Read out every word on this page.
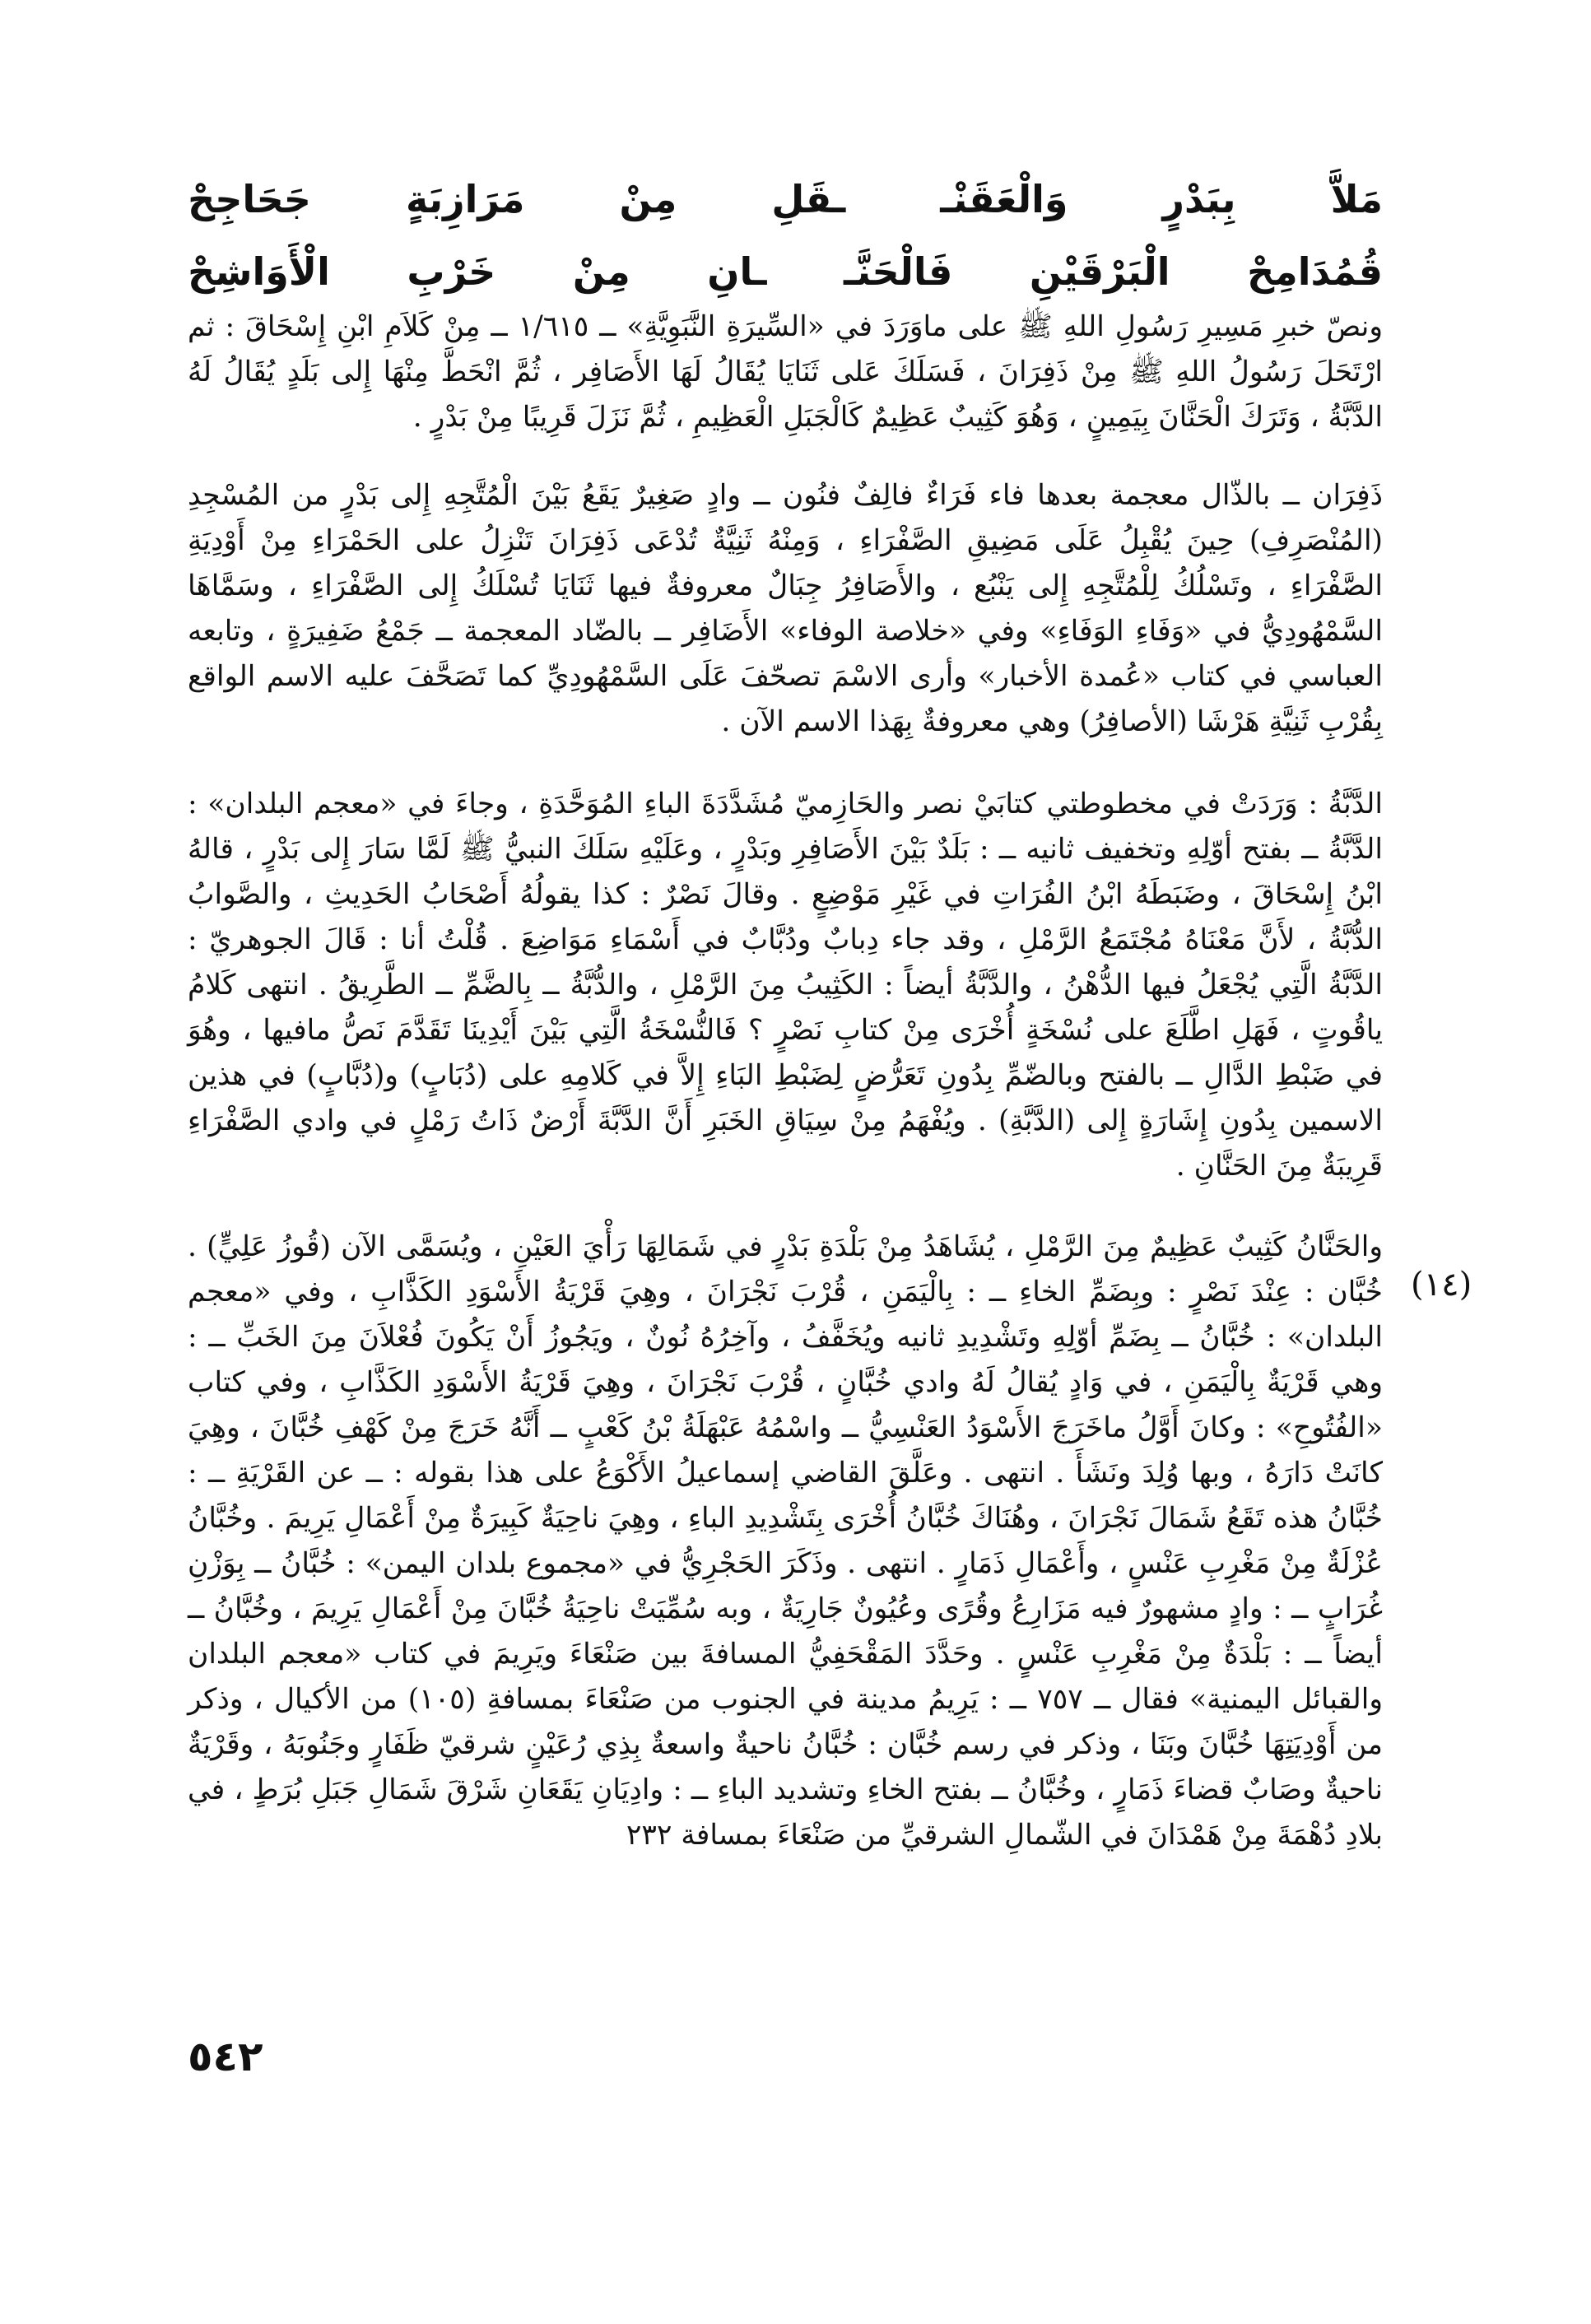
مَلاَّ
بِبَدْرٍ
وَالْعَقَنْـ
ـقَلِ
مِنْ
مَرَازِبَةٍ
جَحَاجِحْ
قُمُدَامِحْ
الْبَرْقَيْنِ
فَالْحَنَّـ
ـانِ
مِنْ
خَرْبِ
الْأَوَاشِحْ

ونصّ خبرِ مَسِيرِ رَسُولِ اللهِ ﷺ على ماوَرَدَ في «السِّيرَةِ النَّبَوِيَّةِ» ــ ١/٦١٥ ــ مِنْ كَلاَمِ ابْنِ إِسْحَاقَ : ثم ارْتَحَلَ رَسُولُ اللهِ ﷺ مِنْ ذَفِرَانَ ، فَسَلَكَ عَلى ثَنَايَا يُقَالُ لَهَا الأَصَافِر ، ثُمَّ انْحَطَّ مِنْهَا إِلى بَلَدٍ يُقَالُ لَهُ الدَّبَّةُ ، وَتَرَكَ الْحَنَّانَ بِيَمِينٍ ، وَهُوَ كَثِيبٌ عَظِيمٌ كَالْجَبَلِ الْعَظِيمِ ، ثُمَّ نَزَلَ قَرِيبًا مِنْ بَدْرٍ .

ذَفِرَان ــ بالذّال معجمة بعدها فاء فَرَاءٌ فالِفٌ فنُون ــ وادٍ صَغِيرٌ يَقَعُ بَيْنَ الْمُتَّجِهِ إِلى بَدْرٍ من المُسْجِدِ (المُنْصَرِفِ) حِينَ يُقْبِلُ عَلَى مَضِيقِ الصَّفْرَاءِ ، وَمِنْهُ ثَنِيَّةٌ تُدْعَى ذَفِرَانَ تَنْزِلُ على الحَمْرَاءِ مِنْ أَوْدِيَةِ الصَّفْرَاءِ ، وتَسْلُكُ لِلْمُتَّجِهِ إِلى يَنْبُع ، والأَصَافِرُ جِبَالٌ معروفةٌ فيها ثَنَايَا تُسْلَكُ إِلى الصَّفْرَاءِ ، وسَمَّاهَا السَّمْهُودِيُّ في «وَفَاءِ الوَفَاءِ» وفي «خلاصة الوفاء» الأَضَافِر ــ بالضّاد المعجمة ــ جَمْعُ ضَفِيرَةٍ ، وتابعه العباسي في كتاب «عُمدة الأخبار» وأرى الاسْمَ تصحّفَ عَلَى السَّمْهُودِيِّ كما تَصَحَّفَ عليه الاسم الواقع بِقُرْبِ ثَنِيَّةِ هَرْشَا (الأصافِرُ) وهي معروفةٌ بِهَذا الاسم الآن .

الدَّبَّةُ : وَرَدَتْ في مخطوطتي كتابَيْ نصر والحَازِميّ مُشَدَّدَةَ الباءِ المُوَحَّدَةِ ، وجاءَ في «معجم البلدان» : الدَّبَّةُ ــ بفتح أوّلِهِ وتخفيف ثانيه ــ : بَلَدٌ بَيْنَ الأَصَافِرِ وبَدْرٍ ، وعَلَيْهِ سَلَكَ النبيُّ ﷺ لَمَّا سَارَ إِلى بَدْرٍ ، قالهُ ابْنُ إِسْحَاقَ ، وضَبَطَهُ ابْنُ الفُرَاتِ في غَيْرِ مَوْضِعٍ . وقالَ نَصْرٌ : كذا يقولُهُ أَصْحَابُ الحَدِيثِ ، والصَّوابُ الدُّبَّةُ ، لأَنَّ مَعْنَاهُ مُجْتَمَعُ الرَّمْلِ ، وقد جاء دِبابٌ ودُبَّابٌ في أَسْمَاءِ مَوَاضِعَ . قُلْتُ أنا : قَالَ الجوهريّ : الدَّبَّةُ الَّتِي يُجْعَلُ فيها الدُّهْنُ ، والدَّبَّةُ أيضاً : الكَثِيبُ مِنَ الرَّمْلِ ، والدُّبَّةُ ــ بِالضَّمِّ ــ الطَّرِيقُ . انتهى كَلامُ ياقُوتٍ ، فَهَلِ اطَّلَعَ على نُسْخَةٍ أُخْرَى مِنْ كتابِ نَصْرٍ ؟ فَالنُّسْخَةُ الَّتِي بَيْنَ أَيْدِينَا تَقَدَّمَ نَصُّ مافيها ، وهُوَ في ضَبْطِ الدَّالِ ــ بالفتح وبالضّمِّ بِدُونِ تَعَرُّضٍ لِضَبْطِ البَاءِ إِلاَّ في كَلامِهِ على (دُبَابٍ) و(دُبَّابٍ) في هذين الاسمين بِدُونِ إِشَارَةٍ إِلى (الدَّبَّةِ) . ويُفْهَمُ مِنْ سِيَاقِ الخَبَرِ أَنَّ الدَّبَّةَ أَرْضٌ ذَاتُ رَمْلٍ في وادي الصَّفْرَاءِ قَرِيبَةٌ مِنَ الحَنَّانِ .

والحَنَّانُ كَثِيبٌ عَظِيمٌ مِنَ الرَّمْلِ ، يُشَاهَدُ مِنْ بَلْدَةِ بَدْرٍ في شَمَالِهَا رَأْيَ العَيْنِ ، ويُسَمَّى الآن (قُوزُ عَلِيٍّ) . خُبَّان : عِنْدَ نَصْرٍ : وبِضَمِّ الخاءِ ــ : بِالْيَمَنِ ، قُرْبَ نَجْرَانَ ، وهِيَ قَرْيَةُ الأَسْوَدِ الكَذَّابِ ، وفي «معجم البلدان» : خُبَّانُ ــ بِضَمِّ أوّلِهِ وتَشْدِيدِ ثانيه ويُخَفَّفُ ، وآخِرُهُ نُونٌ ، ويَجُوزُ أَنْ يَكُونَ فُعْلاَنَ مِنَ الخَبِّ ــ : وهي قَرْيَةٌ بِالْيَمَنِ ، في وَادٍ يُقالُ لَهُ وادي خُبَّانٍ ، قُرْبَ نَجْرَانَ ، وهِيَ قَرْيَةُ الأَسْوَدِ الكَذَّابِ ، وفي كتاب «الفُتُوحِ» : وكانَ أَوَّلُ ماخَرَجَ الأَسْوَدُ العَنْسِيُّ ــ واسْمُهُ عَبْهَلَةُ بْنُ كَعْبٍ ــ أَنَّهُ خَرَجَ مِنْ كَهْفِ خُبَّانَ ، وهِيَ كانَتْ دَارَهُ ، وبها وُلِدَ ونَشَأَ . انتهى . وعَلَّقَ القاضي إسماعيلُ الأَكْوَعُ على هذا بقوله : ــ عن القَرْيَةِ ــ : خُبَّانُ هذه تَقَعُ شَمَالَ نَجْرَانَ ، وهُنَاكَ خُبَّانُ أُخْرَى بِتَشْدِيدِ الباءِ ، وهِيَ ناحِيَةٌ كَبِيرَةٌ مِنْ أَعْمَالِ يَرِيمَ . وخُبَّانُ عُزْلَةٌ مِنْ مَغْرِبِ عَنْسٍ ، وأَعْمَالِ ذَمَارٍ . انتهى . وذَكَرَ الحَجْرِيُّ في «مجموع بلدان اليمن» : خُبَّانُ ــ بِوَزْنِ غُرَابٍ ــ : وادٍ مشهورٌ فيه مَزَارِعُ وقُرًى وعُيُونٌ جَارِيَةٌ ، وبه سُمِّيَتْ ناحِيَةُ خُبَّانَ مِنْ أَعْمَالِ يَرِيمَ ، وخُبَّانُ ــ أيضاً ــ : بَلْدَةٌ مِنْ مَغْرِبِ عَنْسٍ . وحَدَّدَ المَقْحَفِيُّ المسافةَ بين صَنْعَاءَ ويَرِيمَ في كتاب «معجم البلدان والقبائل اليمنية» فقال ــ ٧٥٧ ــ : يَرِيمُ مدينة في الجنوب من صَنْعَاءَ بمسافةِ (١٠٥) من الأكيال ، وذكر من أَوْدِيَتِهَا خُبَّانَ وبَنَا ، وذكر في رسم خُبَّان : خُبَّانُ ناحيةٌ واسعةٌ بِذِي رُعَيْنٍ شرقيّ ظَفَارٍ وجَنُوبَهُ ، وقَرْيَةٌ ناحيةٌ وصَابٌ قضاءَ ذَمَارٍ ، وخُبَّانُ ــ بفتح الخاءِ وتشديد الباءِ ــ : وادِيَانِ يَقَعَانِ شَرْقَ شَمَالِ جَبَلِ بُرَطٍ ، في بلادِ دُهْمَةَ مِنْ هَمْدَانَ في الشّمالِ الشرقيِّ من صَنْعَاءَ بمسافة ٢٣٢

(١٤)
٥٤٢
